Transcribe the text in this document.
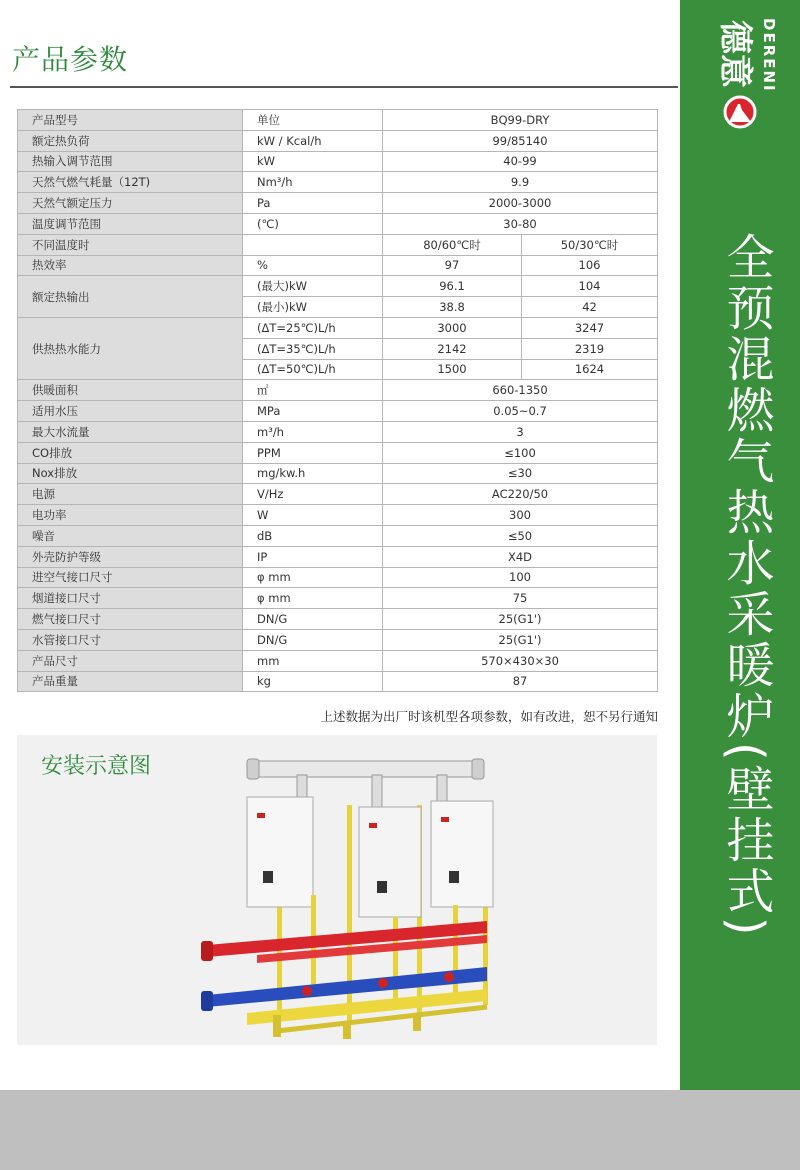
产品参数	德意 DERENI
全预混燃气热水采暖炉(壁挂式)
产品型号	单位	BQ99-DRY	
额定热负荷	kW / Kcal/h	99/85140	
热输入调节范围	kW	40-99	
天然气燃气耗量（12T)	Nm³/h	9.9	
天然气额定压力	Pa	2000-3000	
温度调节范围	(℃)	30-80	
不同温度时		80/60℃时	50/30℃时
热效率	%	97	106
额定热输出	(最大)kW	96.1	104
	(最小)kW	38.8	42
供热热水能力	(ΔT=25℃)L/h	3000	3247
	(ΔT=35℃)L/h	2142	2319
	(ΔT=50℃)L/h	1500	1624
供暖面积	㎡	660-1350	
适用水压	MPa	0.05~0.7	
最大水流量	m³/h	3	
CO排放	PPM	≤100	
Nox排放	mg/kw.h	≤30	
电源	V/Hz	AC220/50	
电功率	W	300	
噪音	dB	≤50	
外壳防护等级	IP	X4D	
进空气接口尺寸	φ mm	100	
烟道接口尺寸	φ mm	75	
燃气接口尺寸	DN/G	25(G1')	
水管接口尺寸	DN/G	25(G1')	
产品尺寸	mm	570×430×30	
产品重量	kg	87	
上述数据为出厂时该机型各项参数，如有改进，恕不另行通知
安装示意图
